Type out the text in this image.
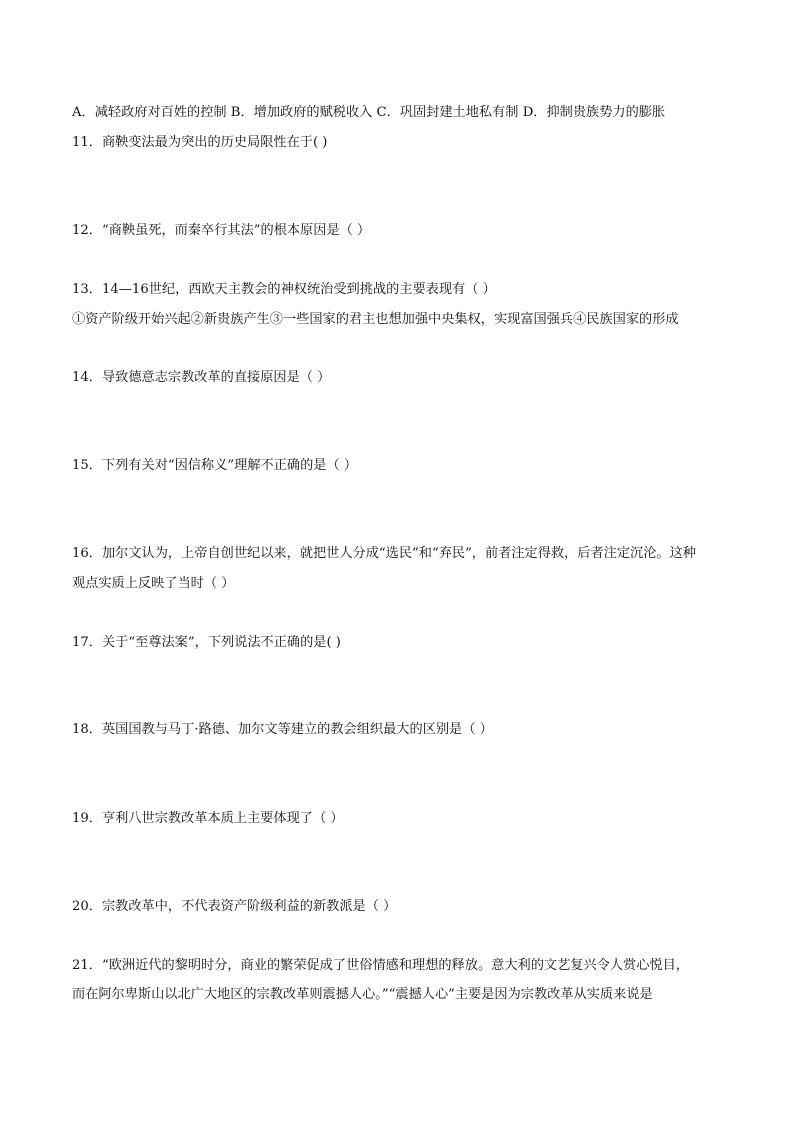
A．减轻政府对百姓的控制 B．增加政府的赋税收入 C．巩固封建土地私有制 D．抑制贵族势力的膨胀
11．商鞅变法最为突出的历史局限性在于( )
12．“商鞅虽死，而秦卒行其法”的根本原因是（ ）
13．14—16世纪，西欧天主教会的神权统治受到挑战的主要表现有（ ）
①资产阶级开始兴起②新贵族产生③一些国家的君主也想加强中央集权，实现富国强兵④民族国家的形成
14．导致德意志宗教改革的直接原因是（ ）
15．下列有关对“因信称义”理解不正确的是（ ）
16．加尔文认为，上帝自创世纪以来，就把世人分成“选民”和“弃民”，前者注定得救，后者注定沉沦。这种
观点实质上反映了当时（ ）
17．关于“至尊法案”，下列说法不正确的是( )
18．英国国教与马丁·路德、加尔文等建立的教会组织最大的区别是（ ）
19．亨利八世宗教改革本质上主要体现了（ ）
20．宗教改革中，不代表资产阶级利益的新教派是（ ）
21．“欧洲近代的黎明时分，商业的繁荣促成了世俗情感和理想的释放。意大利的文艺复兴令人赏心悦目，
而在阿尔卑斯山以北广大地区的宗教改革则震撼人心。”“震撼人心”主要是因为宗教改革从实质来说是
